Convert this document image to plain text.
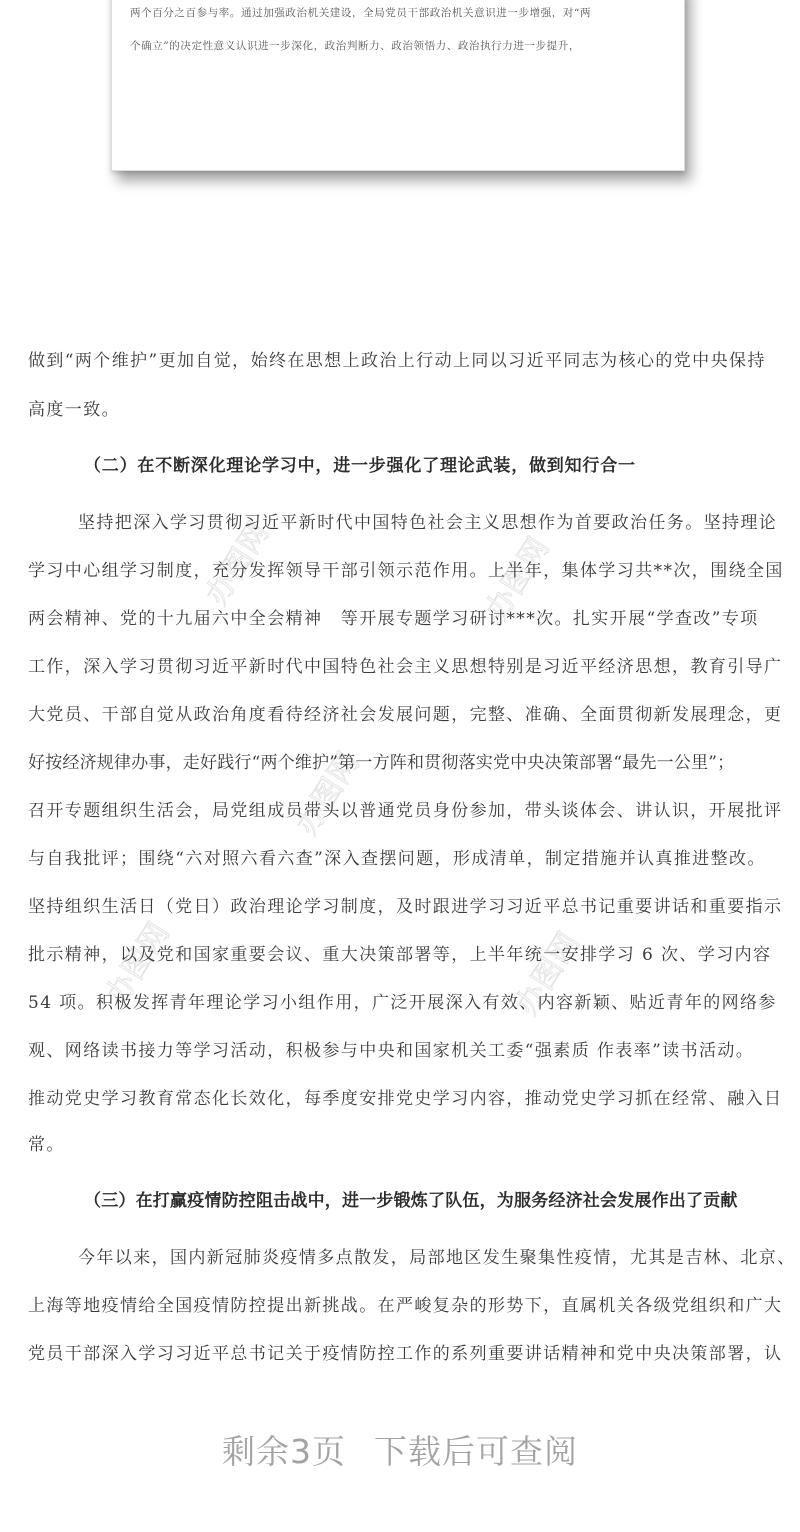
两个百分之百参与率。通过加强政治机关建设，全局党员干部政治机关意识进一步增强，对“两
个确立”的决定性意义认识进一步深化，政治判断力、政治领悟力、政治执行力进一步提升，
办图网	办图网
办图网
办图网	办图网
做到“两个维护”更加自觉，始终在思想上政治上行动上同以习近平同志为核心的党中央保持
高度一致。
（二）在不断深化理论学习中，进一步强化了理论武装，做到知行合一
坚持把深入学习贯彻习近平新时代中国特色社会主义思想作为首要政治任务。坚持理论
学习中心组学习制度，充分发挥领导干部引领示范作用。上半年，集体学习共**次，围绕全国
两会精神、党的十九届六中全会精神　等开展专题学习研讨***次。扎实开展“学查改”专项
工作，深入学习贯彻习近平新时代中国特色社会主义思想特别是习近平经济思想，教育引导广
大党员、干部自觉从政治角度看待经济社会发展问题，完整、准确、全面贯彻新发展理念，更
好按经济规律办事，走好践行“两个维护”第一方阵和贯彻落实党中央决策部署“最先一公里”；
召开专题组织生活会，局党组成员带头以普通党员身份参加，带头谈体会、讲认识，开展批评
与自我批评；围绕“六对照六看六查”深入查摆问题，形成清单，制定措施并认真推进整改。
坚持组织生活日（党日）政治理论学习制度，及时跟进学习习近平总书记重要讲话和重要指示
批示精神，以及党和国家重要会议、重大决策部署等，上半年统一安排学习 6 次、学习内容
54 项。积极发挥青年理论学习小组作用，广泛开展深入有效、内容新颖、贴近青年的网络参
观、网络读书接力等学习活动，积极参与中央和国家机关工委“强素质 作表率”读书活动。
推动党史学习教育常态化长效化，每季度安排党史学习内容，推动党史学习抓在经常、融入日
常。
（三）在打赢疫情防控阻击战中，进一步锻炼了队伍，为服务经济社会发展作出了贡献
今年以来，国内新冠肺炎疫情多点散发，局部地区发生聚集性疫情，尤其是吉林、北京、
上海等地疫情给全国疫情防控提出新挑战。在严峻复杂的形势下，直属机关各级党组织和广大
党员干部深入学习习近平总书记关于疫情防控工作的系列重要讲话精神和党中央决策部署，认
剩余3页 下载后可查阅
